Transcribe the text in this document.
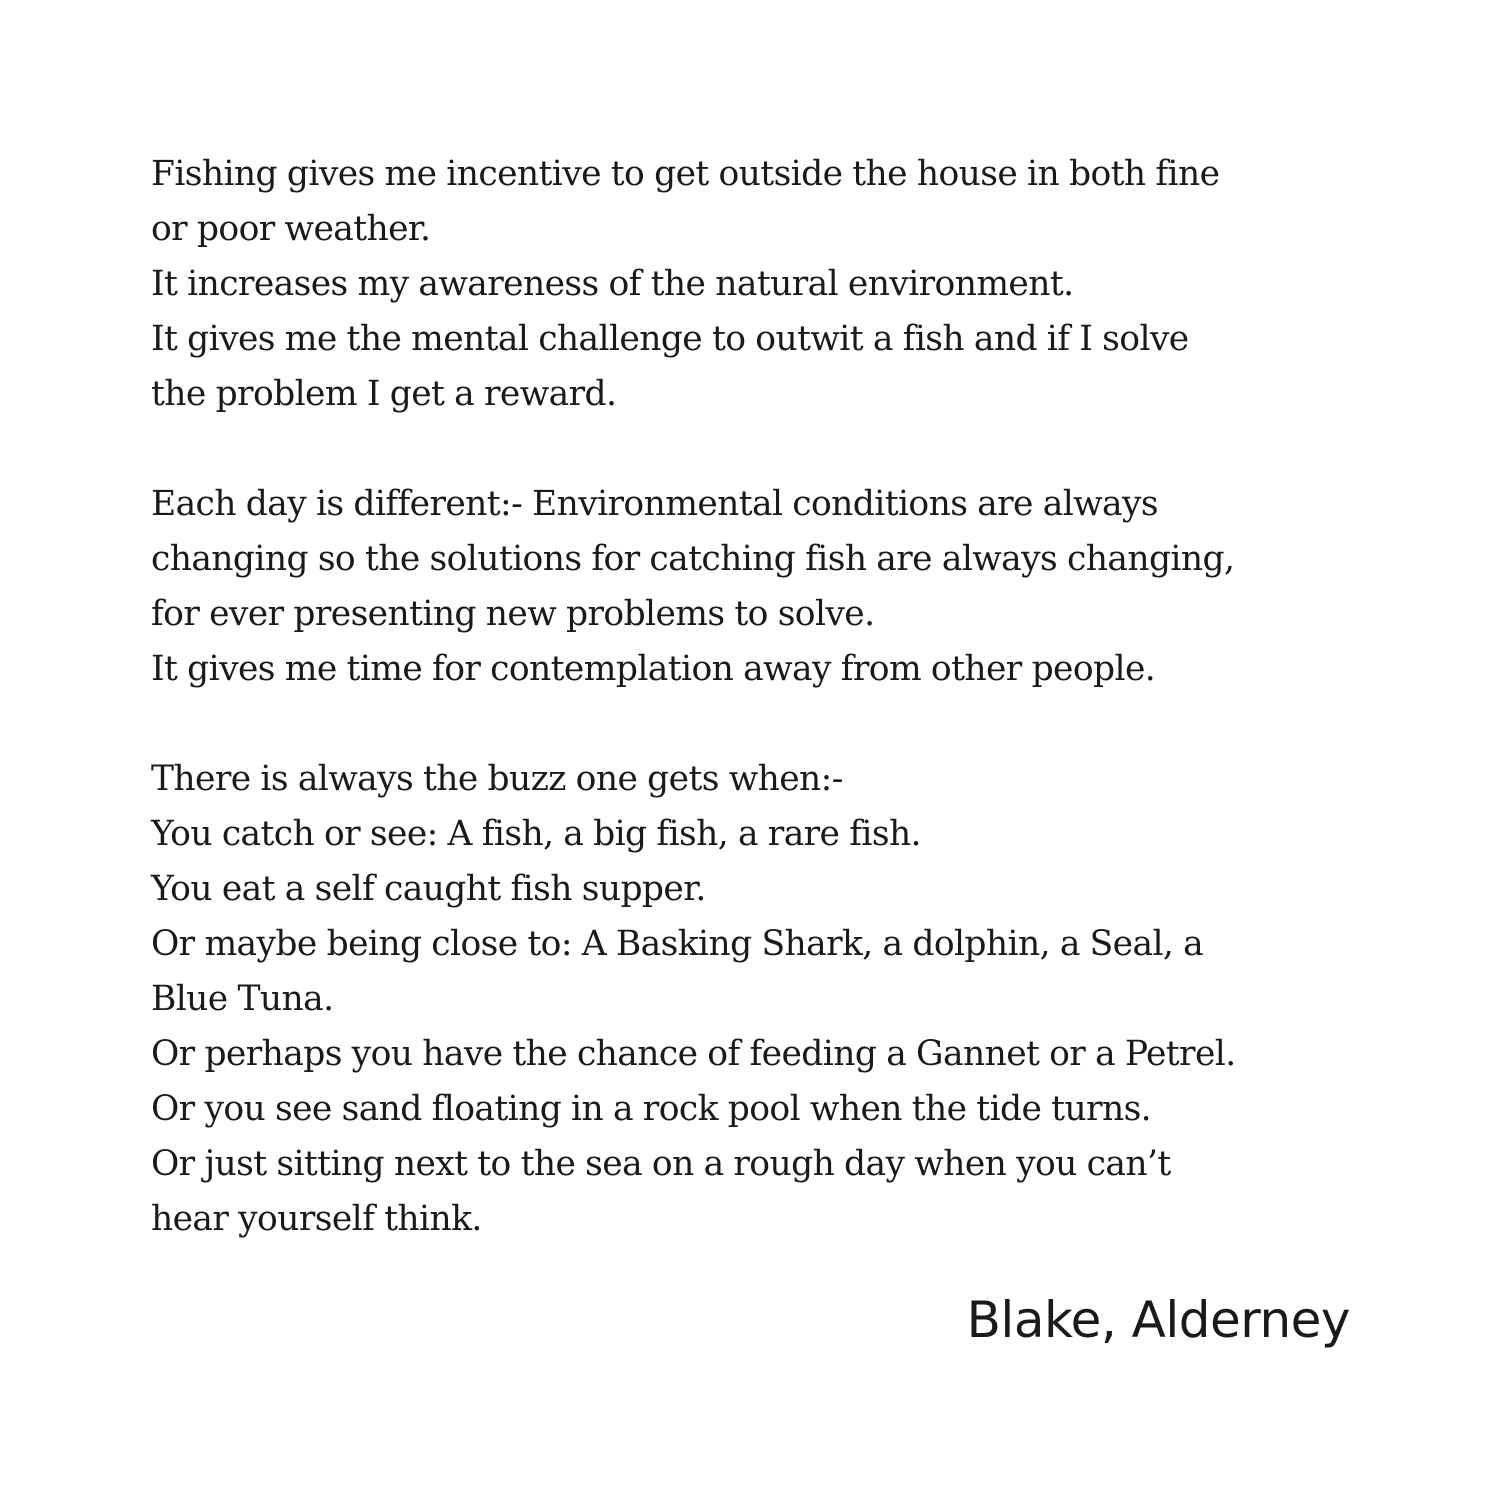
Fishing gives me incentive to get outside the house in both fine
or poor weather.
It increases my awareness of the natural environment.
It gives me the mental challenge to outwit a fish and if I solve
the problem I get a reward.
Each day is different:- Environmental conditions are always
changing so the solutions for catching fish are always changing,
for ever presenting new problems to solve.
It gives me time for contemplation away from other people.
There is always the buzz one gets when:-
You catch or see: A fish, a big fish, a rare fish.
You eat a self caught fish supper.
Or maybe being close to: A Basking Shark, a dolphin, a Seal, a
Blue Tuna.
Or perhaps you have the chance of feeding a Gannet or a Petrel.
Or you see sand floating in a rock pool when the tide turns.
Or just sitting next to the sea on a rough day when you can’t
hear yourself think.
Blake, Alderney
